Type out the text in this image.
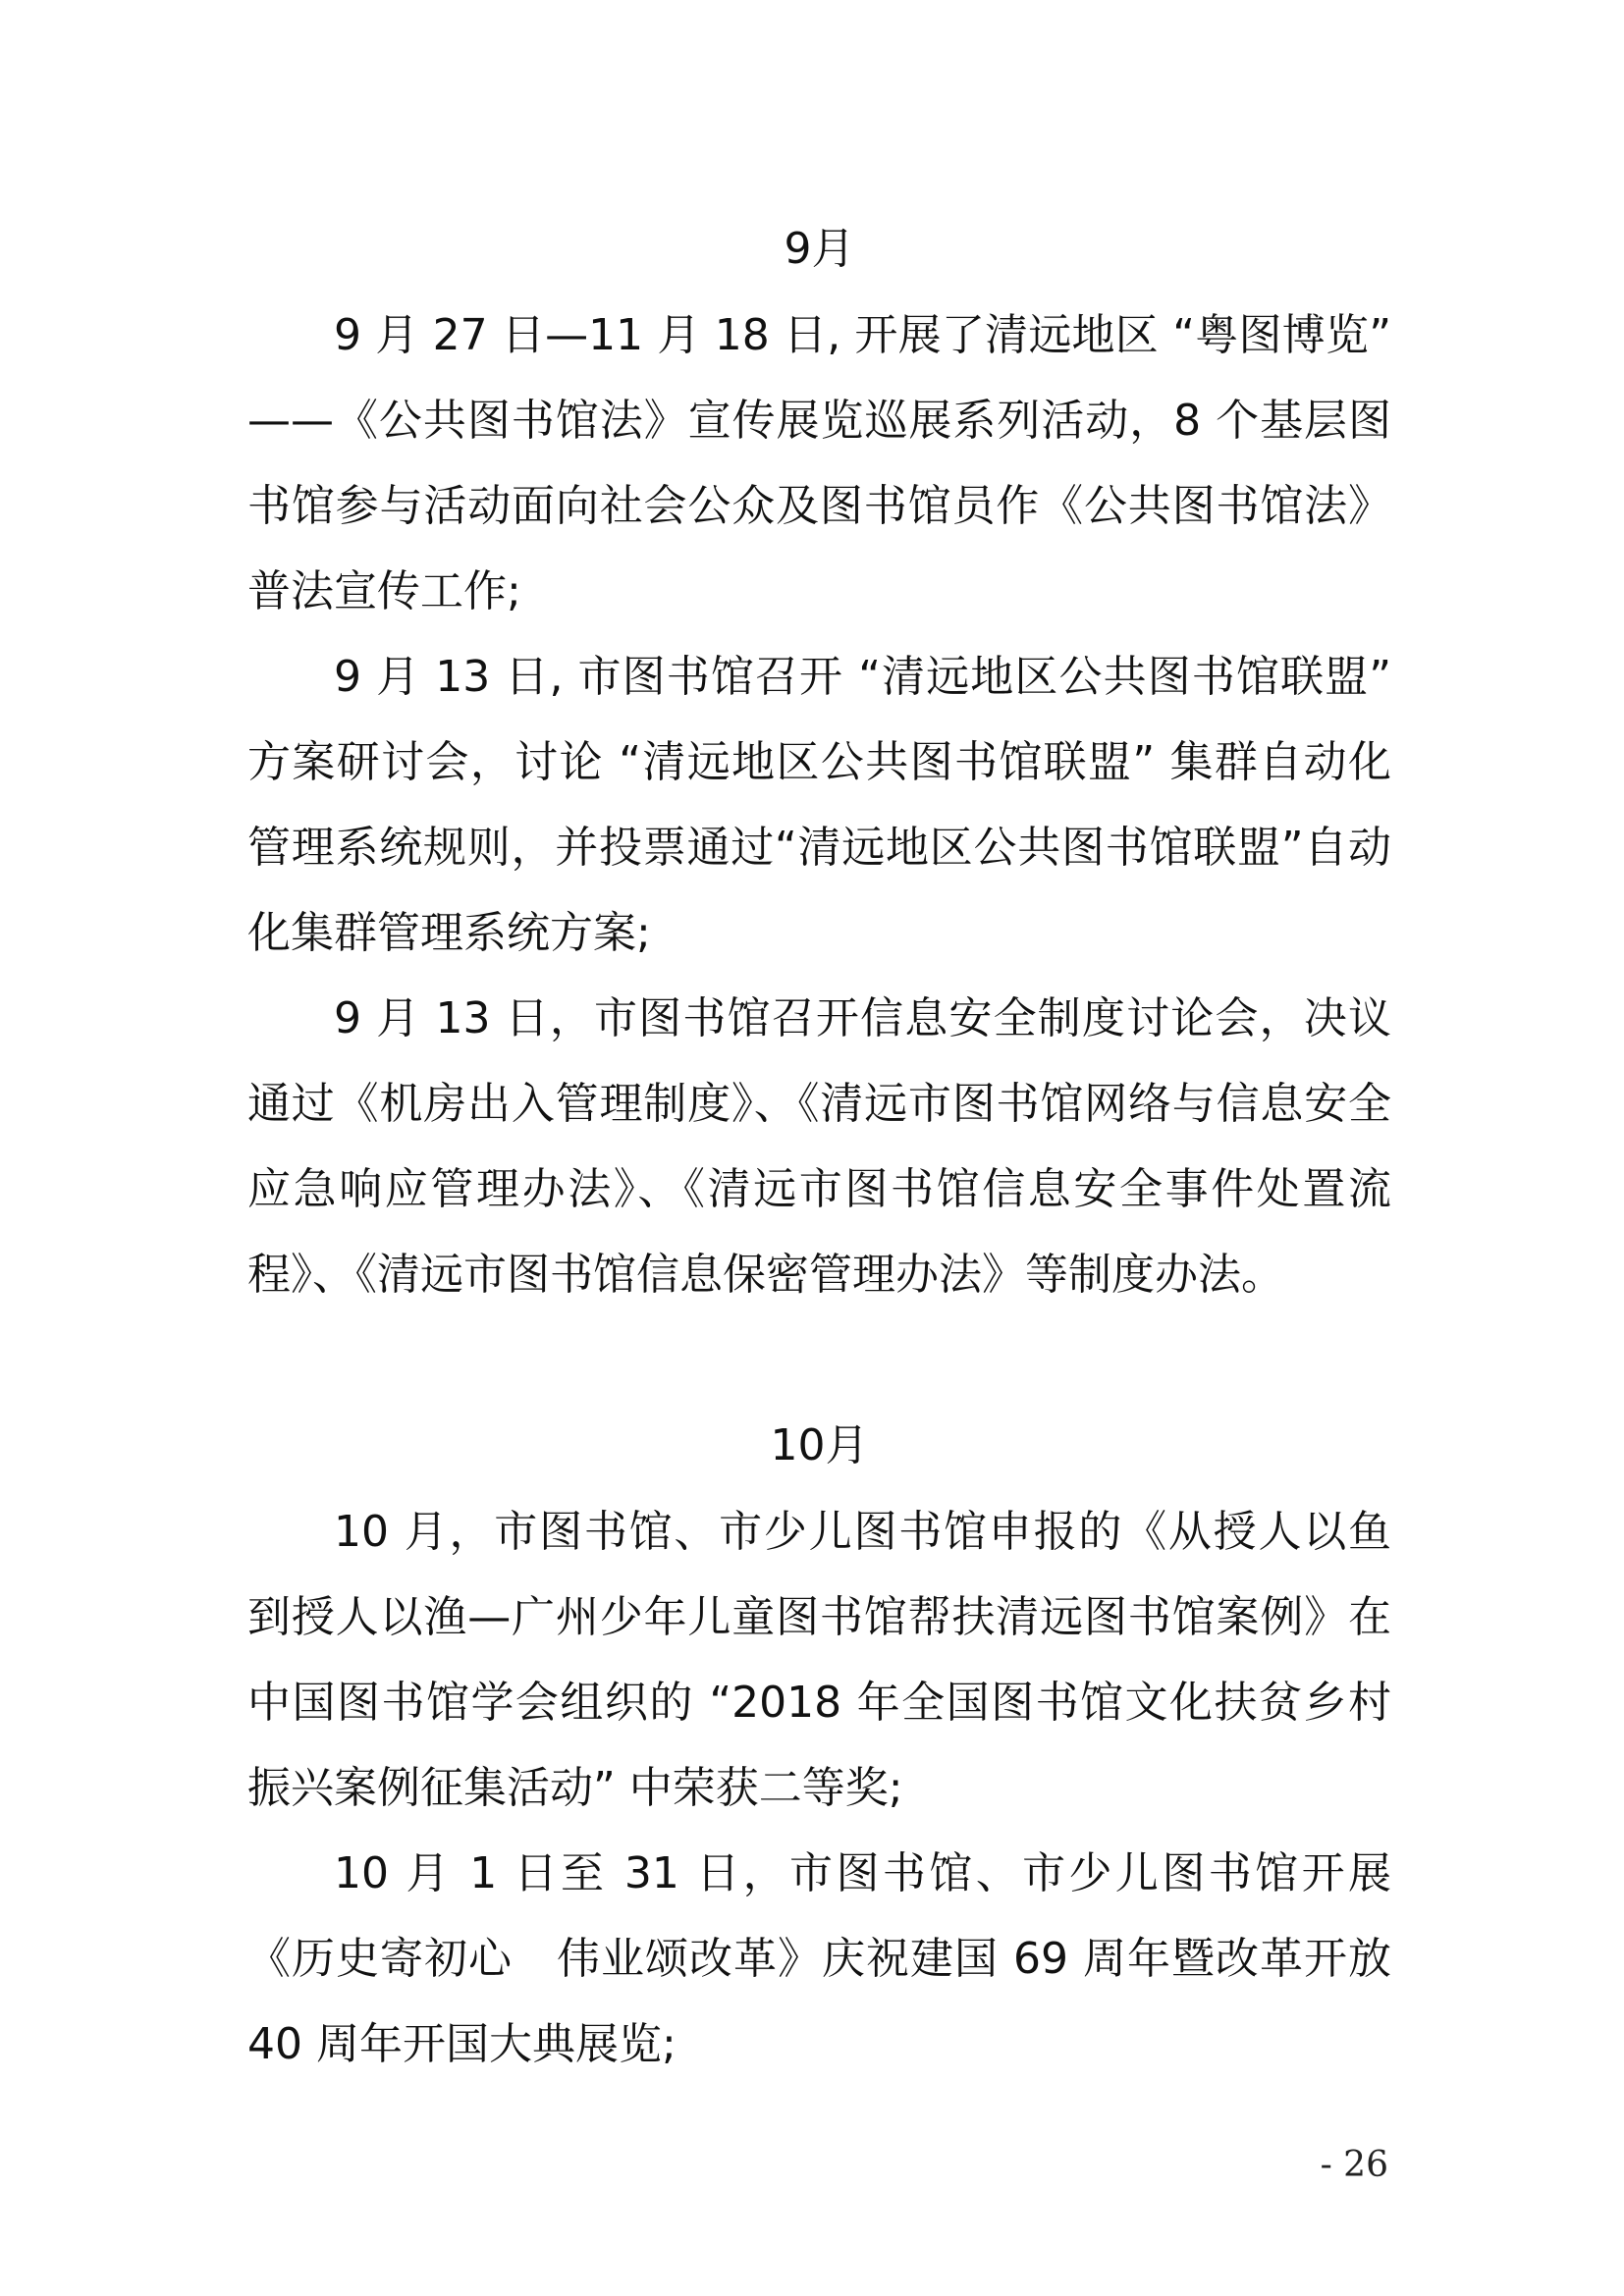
9月

9 月 27 日—11 月 18 日, 开展了清远地区 “粤图博览” ——《公共图书馆法》宣传展览巡展系列活动，8 个基层图书馆参与活动面向社会公众及图书馆员作《公共图书馆法》普法宣传工作;

9 月 13 日, 市图书馆召开 “清远地区公共图书馆联盟” 方案研讨会，讨论 “清远地区公共图书馆联盟” 集群自动化管理系统规则，并投票通过“清远地区公共图书馆联盟”自动化集群管理系统方案;

9 月 13 日，市图书馆召开信息安全制度讨论会，决议通过《机房出入管理制度》、《清远市图书馆网络与信息安全应急响应管理办法》、《清远市图书馆信息安全事件处置流程》、《清远市图书馆信息保密管理办法》等制度办法。

10月

10 月，市图书馆、市少儿图书馆申报的《从授人以鱼到授人以渔—广州少年儿童图书馆帮扶清远图书馆案例》在中国图书馆学会组织的 “2018 年全国图书馆文化扶贫乡村振兴案例征集活动” 中荣获二等奖;

10 月 1 日至 31 日，市图书馆、市少儿图书馆开展《历史寄初心　伟业颂改革》庆祝建国 69 周年暨改革开放 40 周年开国大典展览;

- 26
